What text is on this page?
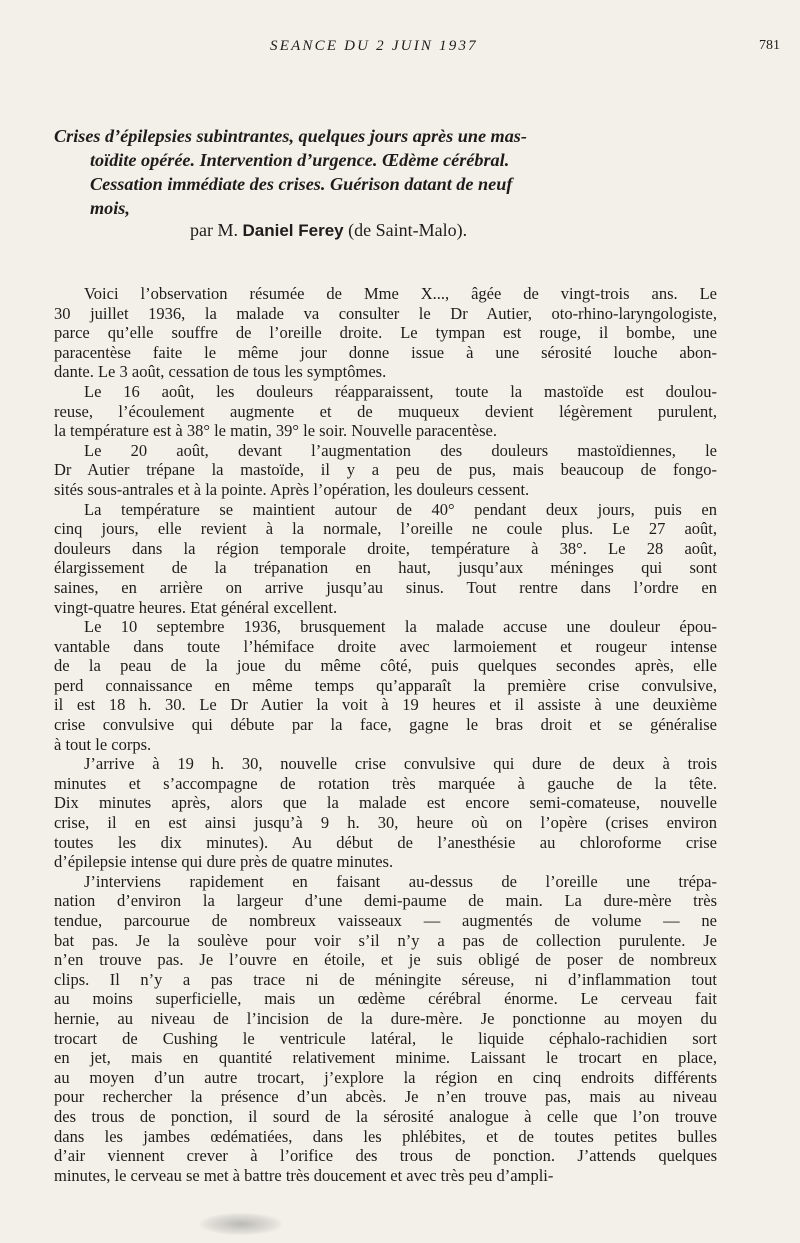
SEANCE DU 2 JUIN 1937	781
Crises d’épilepsies subintrantes, quelques jours après une mas-
toïdite opérée. Intervention d’urgence. Œdème cérébral.
Cessation immédiate des crises. Guérison datant de neuf
mois,
par M. Daniel Ferey (de Saint-Malo).

Voici l’observation résumée de Mme X..., âgée de vingt-trois ans. Le
30 juillet 1936, la malade va consulter le Dr Autier, oto-rhino-laryngologiste,
parce qu’elle souffre de l’oreille droite. Le tympan est rouge, il bombe, une
paracentèse faite le même jour donne issue à une sérosité louche abon-
dante. Le 3 août, cessation de tous les symptômes.

Le 16 août, les douleurs réapparaissent, toute la mastoïde est doulou-
reuse, l’écoulement augmente et de muqueux devient légèrement purulent,
la température est à 38° le matin, 39° le soir. Nouvelle paracentèse.

Le 20 août, devant l’augmentation des douleurs mastoïdiennes, le
Dr Autier trépane la mastoïde, il y a peu de pus, mais beaucoup de fongo-
sités sous-antrales et à la pointe. Après l’opération, les douleurs cessent.

La température se maintient autour de 40° pendant deux jours, puis en
cinq jours, elle revient à la normale, l’oreille ne coule plus. Le 27 août,
douleurs dans la région temporale droite, température à 38°. Le 28 août,
élargissement de la trépanation en haut, jusqu’aux méninges qui sont
saines, en arrière on arrive jusqu’au sinus. Tout rentre dans l’ordre en
vingt-quatre heures. Etat général excellent.

Le 10 septembre 1936, brusquement la malade accuse une douleur épou-
vantable dans toute l’hémiface droite avec larmoiement et rougeur intense
de la peau de la joue du même côté, puis quelques secondes après, elle
perd connaissance en même temps qu’apparaît la première crise convulsive,
il est 18 h. 30. Le Dr Autier la voit à 19 heures et il assiste à une deuxième
crise convulsive qui débute par la face, gagne le bras droit et se généralise
à tout le corps.

J’arrive à 19 h. 30, nouvelle crise convulsive qui dure de deux à trois
minutes et s’accompagne de rotation très marquée à gauche de la tête.
Dix minutes après, alors que la malade est encore semi-comateuse, nouvelle
crise, il en est ainsi jusqu’à 9 h. 30, heure où on l’opère (crises environ
toutes les dix minutes). Au début de l’anesthésie au chloroforme crise
d’épilepsie intense qui dure près de quatre minutes.

J’interviens rapidement en faisant au-dessus de l’oreille une trépa-
nation d’environ la largeur d’une demi-paume de main. La dure-mère très
tendue, parcourue de nombreux vaisseaux — augmentés de volume — ne
bat pas. Je la soulève pour voir s’il n’y a pas de collection purulente. Je
n’en trouve pas. Je l’ouvre en étoile, et je suis obligé de poser de nombreux
clips. Il n’y a pas trace ni de méningite séreuse, ni d’inflammation tout
au moins superficielle, mais un œdème cérébral énorme. Le cerveau fait
hernie, au niveau de l’incision de la dure-mère. Je ponctionne au moyen du
trocart de Cushing le ventricule latéral, le liquide céphalo-rachidien sort
en jet, mais en quantité relativement minime. Laissant le trocart en place,
au moyen d’un autre trocart, j’explore la région en cinq endroits différents
pour rechercher la présence d’un abcès. Je n’en trouve pas, mais au niveau
des trous de ponction, il sourd de la sérosité analogue à celle que l’on trouve
dans les jambes œdématiées, dans les phlébites, et de toutes petites bulles
d’air viennent crever à l’orifice des trous de ponction. J’attends quelques
minutes, le cerveau se met à battre très doucement et avec très peu d’ampli-
